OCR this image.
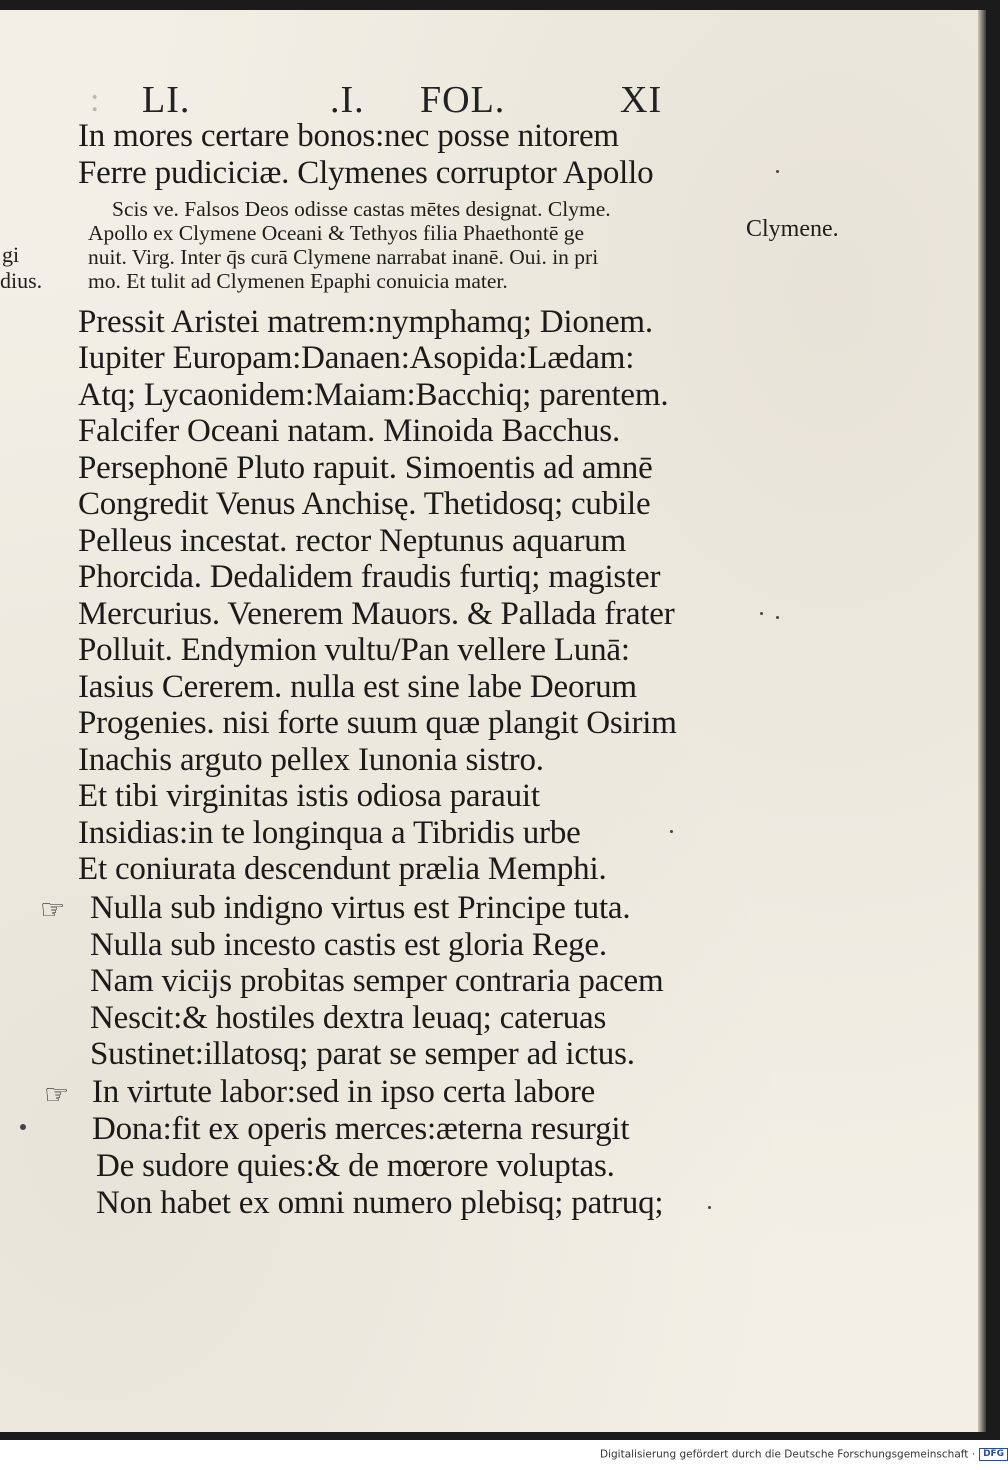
: LI.	.I. FOL.	XI
In mores certare bonos:nec posse nitorem
Ferre pudiciciæ. Clymenes corruptor Apollo
Scis ve. Falsos Deos odisse castas mētes designat. Clyme.
Apollo ex Clymene Oceani & Tethyos filia Phaethontē ge
nuit. Virg. Inter q̄s curā Clymene narrabat inanē. Oui. in pri
mo. Et tulit ad Clymenen Epaphi conuicia mater.
Clymene.
gi
dius.
Pressit Aristei matrem:nymphamq; Dionem.
Iupiter Europam:Danaen:Asopida:Lædam:
Atq; Lycaonidem:Maiam:Bacchiq; parentem.
Falcifer Oceani natam. Minoida Bacchus.
Persephonē Pluto rapuit. Simoentis ad amnē
Congredit Venus Anchisę. Thetidosq; cubile
Pelleus incestat. rector Neptunus aquarum
Phorcida. Dedalidem fraudis furtiq; magister
Mercurius. Venerem Mauors. & Pallada frater
Polluit. Endymion vultu/Pan vellere Lunā:
Iasius Cererem. nulla est sine labe Deorum
Progenies. nisi forte suum quæ plangit Osirim
Inachis arguto pellex Iunonia sistro.
Et tibi virginitas istis odiosa parauit
Insidias:in te longinqua a Tibridis urbe
Et coniurata descendunt prælia Memphi.
☞ Nulla sub indigno virtus est Principe tuta.
Nulla sub incesto castis est gloria Rege.
Nam vicijs probitas semper contraria pacem
Nescit:& hostiles dextra leuaq; cateruas
Sustinet:illatosq; parat se semper ad ictus.
☞ In virtute labor:sed in ipso certa labore
Dona:fit ex operis merces:æterna resurgit
De sudore quies:& de mœrore voluptas.
Non habet ex omni numero plebisq; patruq;
Digitalisierung gefördert durch die Deutsche Forschungsgemeinschaft · DFG
